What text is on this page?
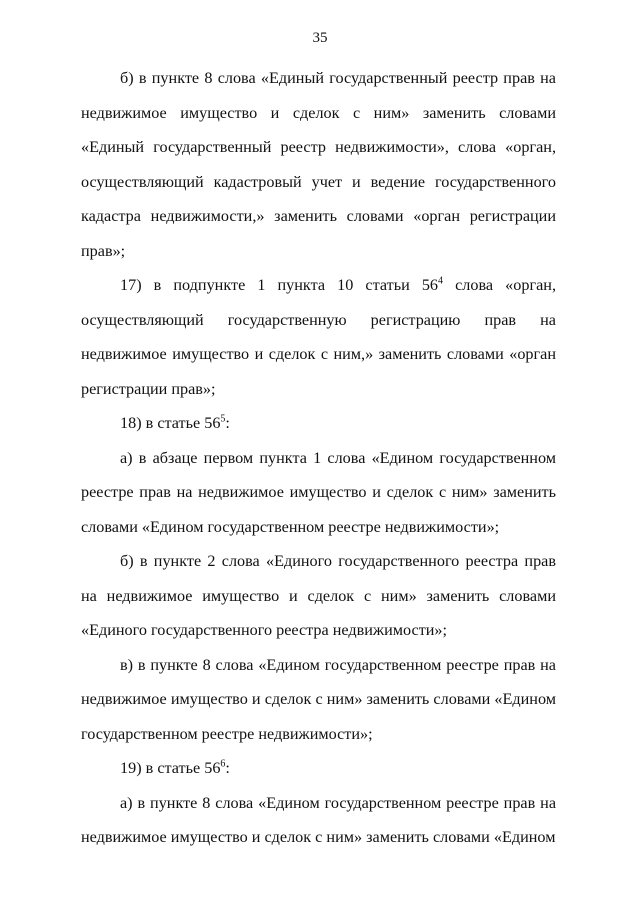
35

б) в пункте 8 слова «Единый государственный реестр прав на недвижимое имущество и сделок с ним» заменить словами «Единый государственный реестр недвижимости», слова «орган, осуществляющий кадастровый учет и ведение государственного кадастра недвижимости,» заменить словами «орган регистрации прав»;

17) в подпункте 1 пункта 10 статьи $56^4$ слова «орган, осуществляющий государственную регистрацию прав на недвижимое имущество и сделок с ним,» заменить словами «орган регистрации прав»;

18) в статье $56^5$:

а) в абзаце первом пункта 1 слова «Едином государственном реестре прав на недвижимое имущество и сделок с ним» заменить словами «Едином государственном реестре недвижимости»;

б) в пункте 2 слова «Единого государственного реестра прав на недвижимое имущество и сделок с ним» заменить словами «Единого государственного реестра недвижимости»;

в) в пункте 8 слова «Едином государственном реестре прав на недвижимое имущество и сделок с ним» заменить словами «Едином государственном реестре недвижимости»;

19) в статье $56^6$:

а) в пункте 8 слова «Едином государственном реестре прав на недвижимое имущество и сделок с ним» заменить словами «Едином
